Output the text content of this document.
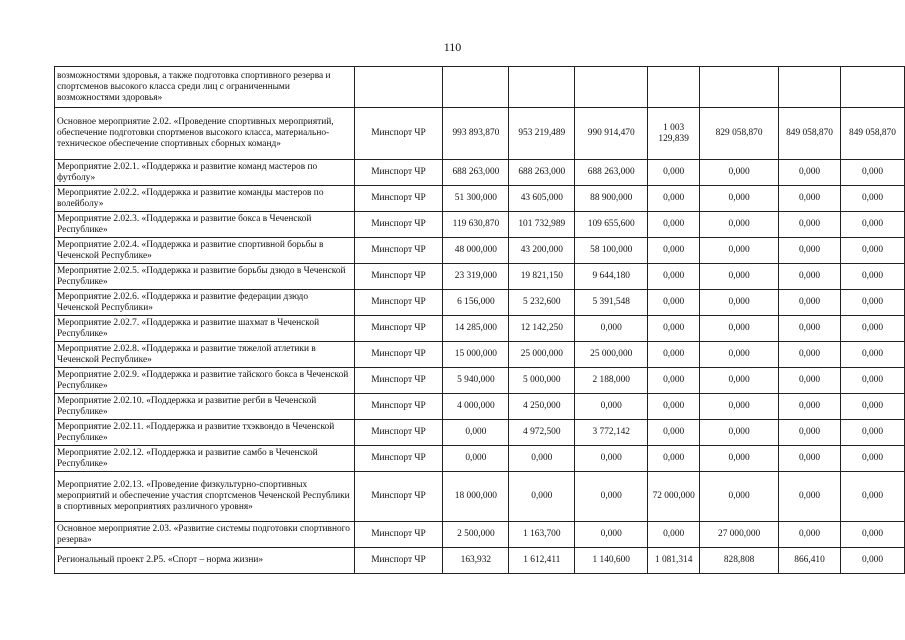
110
возможностями здоровья, а также подготовка спортивного резерва и спортсменов высокого класса среди лиц с ограниченными возможностями здоровья»								
Основное мероприятие 2.02. «Проведение спортивных мероприятий, обеспечение подготовки спортменов высокого класса, материально-техническое обеспечение спортивных сборных команд»	Минспорт ЧР	993 893,870	953 219,489	990 914,470	1 003 129,839	829 058,870	849 058,870	849 058,870
Мероприятие 2.02.1. «Поддержка и развитие команд мастеров по футболу»	Минспорт ЧР	688 263,000	688 263,000	688 263,000	0,000	0,000	0,000	0,000
Мероприятие 2.02.2. «Поддержка и развитие команды мастеров по волейболу»	Минспорт ЧР	51 300,000	43 605,000	88 900,000	0,000	0,000	0,000	0,000
Мероприятие 2.02.3. «Поддержка и развитие бокса в Чеченской Республике»	Минспорт ЧР	119 630,870	101 732,989	109 655,600	0,000	0,000	0,000	0,000
Мероприятие 2.02.4. «Поддержка и развитие спортивной борьбы в Чеченской Республике»	Минспорт ЧР	48 000,000	43 200,000	58 100,000	0,000	0,000	0,000	0,000
Мероприятие 2.02.5. «Поддержка и развитие борьбы дзюдо в Чеченской Республике»	Минспорт ЧР	23 319,000	19 821,150	9 644,180	0,000	0,000	0,000	0,000
Мероприятие 2.02.6. «Поддержка и развитие федерации дзюдо Чеченской Республики»	Минспорт ЧР	6 156,000	5 232,600	5 391,548	0,000	0,000	0,000	0,000
Мероприятие 2.02.7. «Поддержка и развитие шахмат в Чеченской Республике»	Минспорт ЧР	14 285,000	12 142,250	0,000	0,000	0,000	0,000	0,000
Мероприятие 2.02.8. «Поддержка и развитие тяжелой атлетики в Чеченской Республике»	Минспорт ЧР	15 000,000	25 000,000	25 000,000	0,000	0,000	0,000	0,000
Мероприятие 2.02.9. «Поддержка и развитие тайского бокса в Чеченской Республике»	Минспорт ЧР	5 940,000	5 000,000	2 188,000	0,000	0,000	0,000	0,000
Мероприятие 2.02.10. «Поддержка и развитие регби в Чеченской Республике»	Минспорт ЧР	4 000,000	4 250,000	0,000	0,000	0,000	0,000	0,000
Мероприятие 2.02.11. «Поддержка и развитие тхэквондо в Чеченской Республике»	Минспорт ЧР	0,000	4 972,500	3 772,142	0,000	0,000	0,000	0,000
Мероприятие 2.02.12. «Поддержка и развитие самбо в Чеченской Республике»	Минспорт ЧР	0,000	0,000	0,000	0,000	0,000	0,000	0,000
Мероприятие 2.02.13. «Проведение физкультурно-спортивных мероприятий и обеспечение участия спортсменов Чеченской Республики в спортивных мероприятиях различного уровня»	Минспорт ЧР	18 000,000	0,000	0,000	72 000,000	0,000	0,000	0,000
Основное мероприятие 2.03. «Развитие системы подготовки спортивного резерва»	Минспорт ЧР	2 500,000	1 163,700	0,000	0,000	27 000,000	0,000	0,000
Региональный проект 2.Р5. «Спорт – норма жизни»	Минспорт ЧР	163,932	1 612,411	1 140,600	1 081,314	828,808	866,410	0,000
